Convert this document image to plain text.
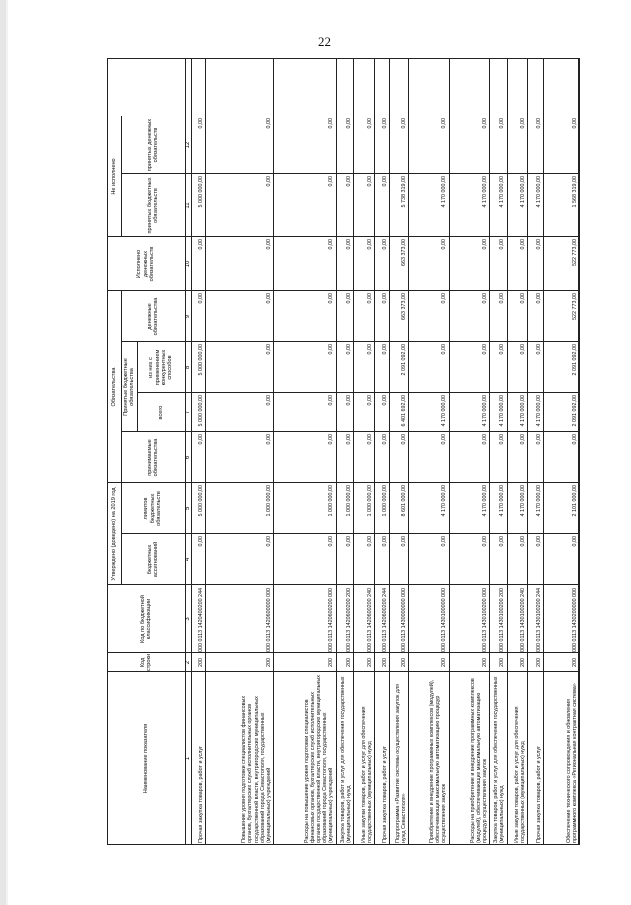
22
Наименование показателя
Код строки
Код по бюджетной классификации
Утверждено (доведено) на 2019 год	бюджетных ассигнований
лимитов бюджетных обязательств
Обязательства
принимаемые обязательства
Принятые бюджетные обязательства
всего
из них с применением конкурентных способов
денежные обязательства
Исполнено денежных обязательств
Не исполнено
принятых бюджетных обязательств
принятых денежных обязательств
1
2
3
4
5
6
7
8
9
10
11
12
Прочая закупка товаров, работ и услуг
200
000 0113 1420400200 244
0,00
5 000 000,00
0,00
5 000 000,00
5 000 000,00
0,00
0,00
5 000 000,00
0,00
Повышение уровня подготовки специалистов финансовых органов, бухгалтерских служб исполнительных органов государственной власти, внутригородских муниципальных образований города Севастополя, государственных (муниципальных) учреждений
200
000 0113 1420600000 000
0,00
1 000 000,00
0,00
0,00
0,00
0,00
0,00
0,00
0,00
Расходы на повышение уровня подготовки специалистов финансовых органов, бухгалтерских служб исполнительных органов государственной власти, внутригородских муниципальных образований города Севастополя, государственных (муниципальных) учреждений
200
000 0113 1420600200 000
0,00
1 000 000,00
0,00
0,00
0,00
0,00
0,00
0,00
0,00
Закупка товаров, работ и услуг для обеспечения государственных (муниципальных) нужд
200
000 0113 1420600200 200
0,00
1 000 000,00
0,00
0,00
0,00
0,00
0,00
0,00
0,00
Иные закупки товаров, работ и услуг для обеспечения государственных (муниципальных) нужд
200
000 0113 1420600200 240
0,00
1 000 000,00
0,00
0,00
0,00
0,00
0,00
0,00
0,00
Прочая закупка товаров, работ и услуг
200
000 0113 1420600200 244
0,00
1 000 000,00
0,00
0,00
0,00
0,00
0,00
0,00
0,00
Подпрограмма «Развитие системы осуществления закупок для нужд Севастополя»
200
000 0113 1430000000 000
0,00
8 601 000,00
0,00
6 401 692,00
2 091 092,00
663 373,00
663 373,00
5 738 319,00
0,00
Приобретение и внедрение программных комплексов (модулей), обеспечивающих максимальную автоматизацию процедур осуществления закупок
200
000 0113 1430100000 000
0,00
4 170 000,00
0,00
4 170 000,00
0,00
0,00
0,00
4 170 000,00
0,00
Расходы на приобретение и внедрение программных комплексов (модулей), обеспечивающих максимальную автоматизацию процедур осуществления закупок
200
000 0113 1430100200 000
0,00
4 170 000,00
0,00
4 170 000,00
0,00
0,00
0,00
4 170 000,00
0,00
Закупка товаров, работ и услуг для обеспечения государственных (муниципальных) нужд
200
000 0113 1430100200 200
0,00
4 170 000,00
0,00
4 170 000,00
0,00
0,00
0,00
4 170 000,00
0,00
Иные закупки товаров, работ и услуг для обеспечения государственных (муниципальных) нужд
200
000 0113 1430100200 240
0,00
4 170 000,00
0,00
4 170 000,00
0,00
0,00
0,00
4 170 000,00
0,00
Прочая закупка товаров, работ и услуг
200
000 0113 1430100200 244
0,00
4 170 000,00
0,00
4 170 000,00
0,00
0,00
0,00
4 170 000,00
0,00
Обеспечение технического сопровождения и обновления программного комплекса «Региональная контрактная система»
200
000 0113 1430200000 000
0,00
2 101 000,00
0,00
2 091 092,00
2 091 092,00
522 773,00
522 773,00
1 568 319,00
0,00
